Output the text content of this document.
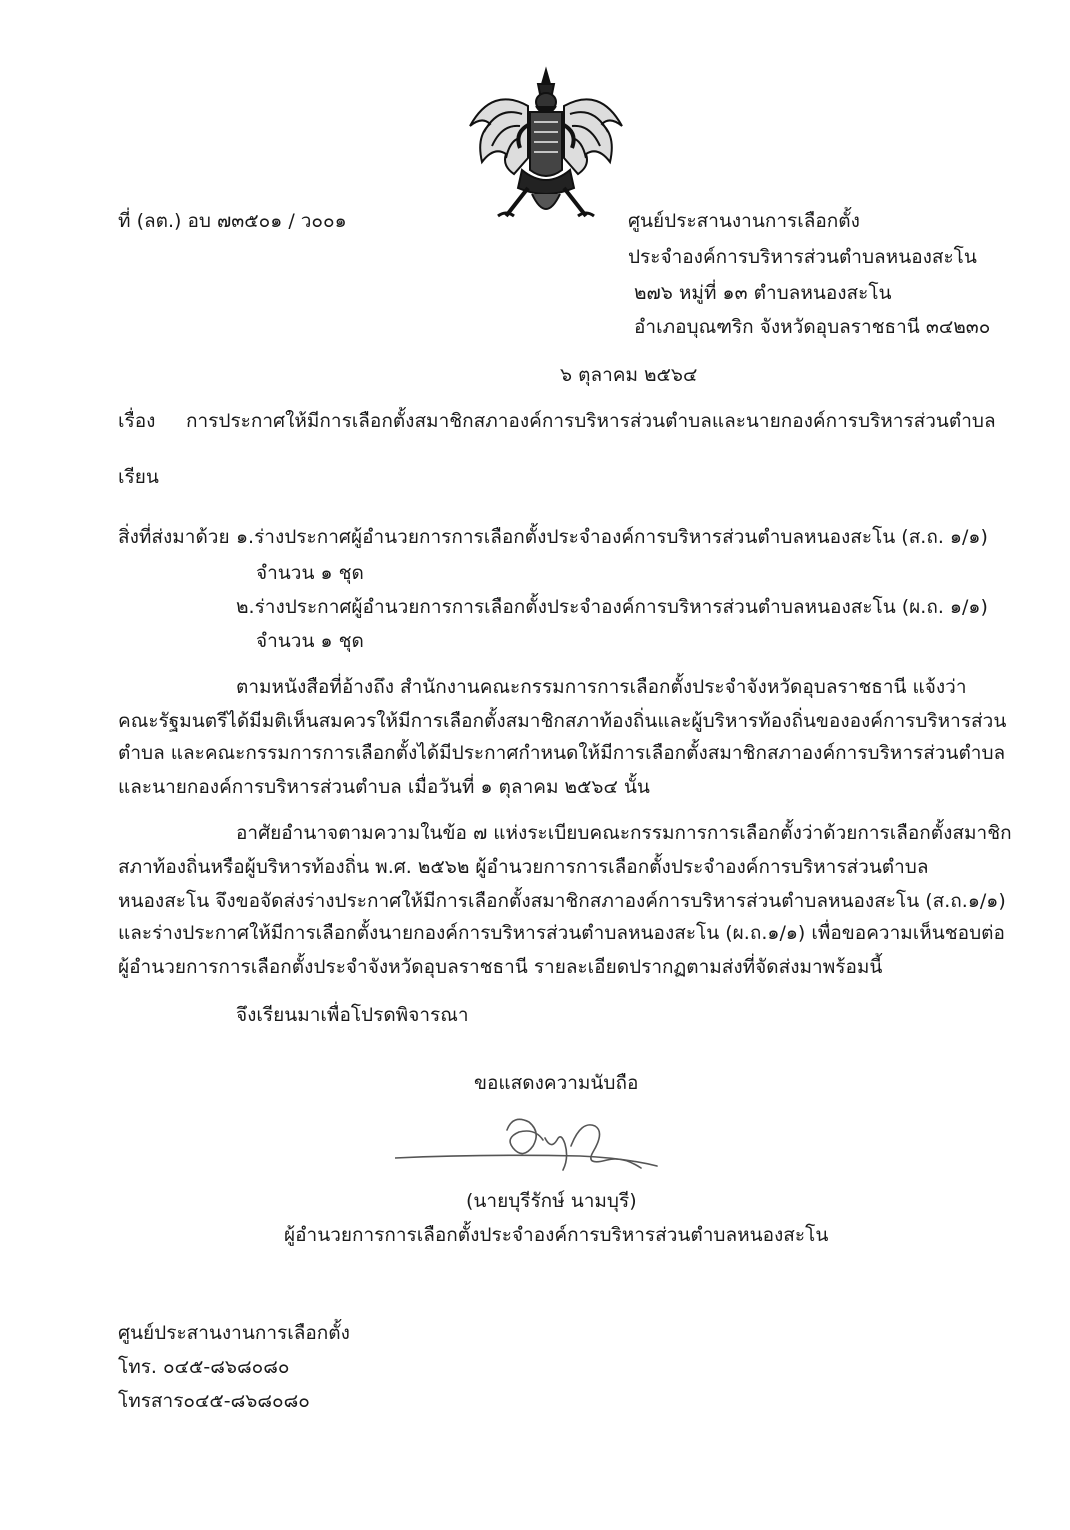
ที่ (ลต.) อบ ๗๓๕๐๑ / ว๐๐๑	ศูนย์ประสานงานการเลือกตั้ง
ประจำองค์การบริหารส่วนตำบลหนองสะโน
๒๗๖ หมู่ที่ ๑๓ ตำบลหนองสะโน
อำเภอบุณฑริก จังหวัดอุบลราชธานี ๓๔๒๓๐
๖ ตุลาคม ๒๕๖๔
เรื่อง การประกาศให้มีการเลือกตั้งสมาชิกสภาองค์การบริหารส่วนตำบลและนายกองค์การบริหารส่วนตำบล
เรียน
สิ่งที่ส่งมาด้วย ๑.ร่างประกาศผู้อำนวยการการเลือกตั้งประจำองค์การบริหารส่วนตำบลหนองสะโน (ส.ถ. ๑/๑)
จำนวน ๑ ชุด
๒.ร่างประกาศผู้อำนวยการการเลือกตั้งประจำองค์การบริหารส่วนตำบลหนองสะโน (ผ.ถ. ๑/๑)
จำนวน ๑ ชุด
ตามหนังสือที่อ้างถึง สำนักงานคณะกรรมการการเลือกตั้งประจำจังหวัดอุบลราชธานี แจ้งว่า
คณะรัฐมนตรีได้มีมติเห็นสมควรให้มีการเลือกตั้งสมาชิกสภาท้องถิ่นและผู้บริหารท้องถิ่นขององค์การบริหารส่วน
ตำบล และคณะกรรมการการเลือกตั้งได้มีประกาศกำหนดให้มีการเลือกตั้งสมาชิกสภาองค์การบริหารส่วนตำบล
และนายกองค์การบริหารส่วนตำบล เมื่อวันที่ ๑ ตุลาคม ๒๕๖๔ นั้น
อาศัยอำนาจตามความในข้อ ๗ แห่งระเบียบคณะกรรมการการเลือกตั้งว่าด้วยการเลือกตั้งสมาชิก
สภาท้องถิ่นหรือผู้บริหารท้องถิ่น พ.ศ. ๒๕๖๒ ผู้อำนวยการการเลือกตั้งประจำองค์การบริหารส่วนตำบล
หนองสะโน จึงขอจัดส่งร่างประกาศให้มีการเลือกตั้งสมาชิกสภาองค์การบริหารส่วนตำบลหนองสะโน (ส.ถ.๑/๑)
และร่างประกาศให้มีการเลือกตั้งนายกองค์การบริหารส่วนตำบลหนองสะโน (ผ.ถ.๑/๑) เพื่อขอความเห็นชอบต่อ
ผู้อำนวยการการเลือกตั้งประจำจังหวัดอุบลราชธานี รายละเอียดปรากฏตามส่งที่จัดส่งมาพร้อมนี้
จึงเรียนมาเพื่อโปรดพิจารณา
ขอแสดงความนับถือ
(นายบุรีรักษ์ นามบุรี)
ผู้อำนวยการการเลือกตั้งประจำองค์การบริหารส่วนตำบลหนองสะโน
ศูนย์ประสานงานการเลือกตั้ง
โทร. ๐๔๕-๘๖๘๐๘๐
โทรสาร๐๔๕-๘๖๘๐๘๐
